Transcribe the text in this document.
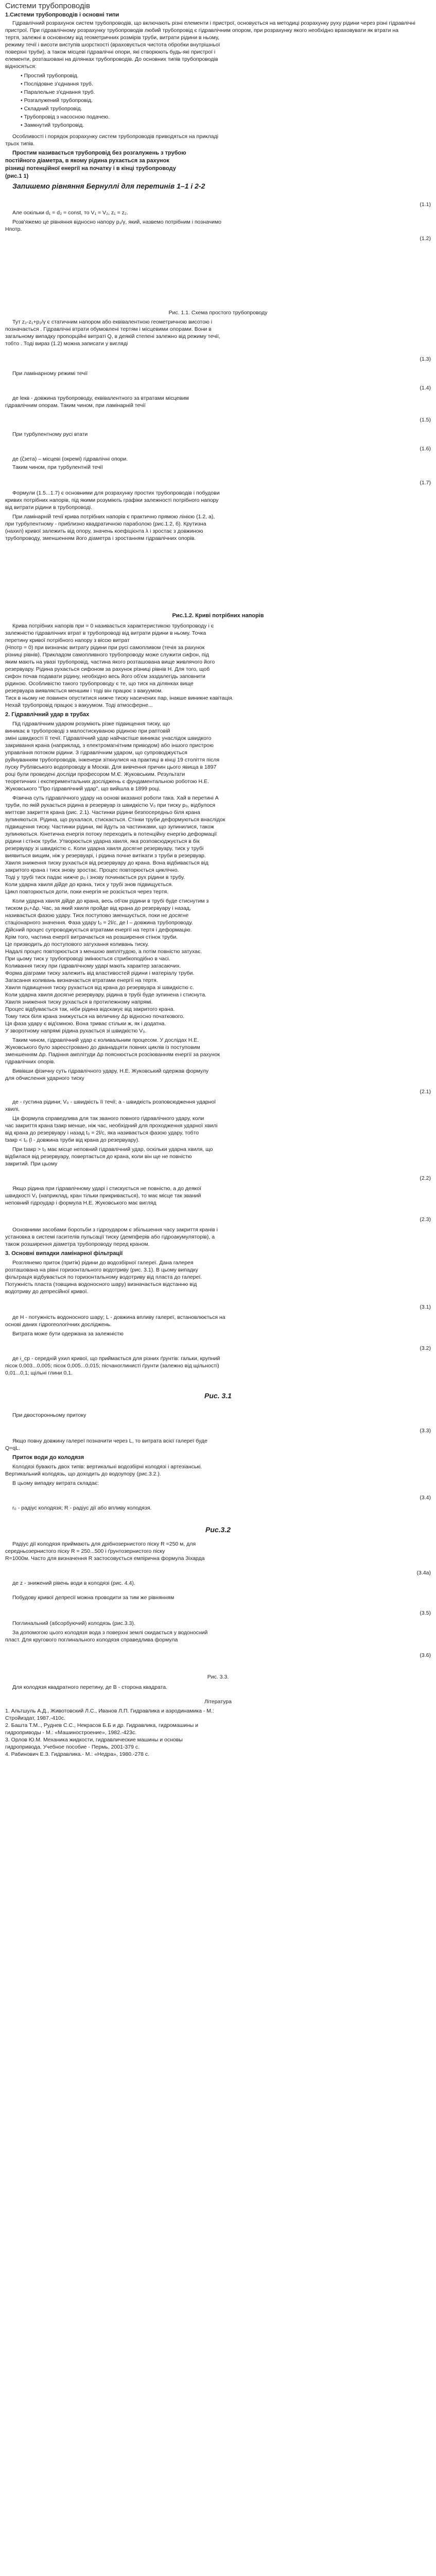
Системи трубопроводів
1.Системи трубопроводів і основні типи
Гідравлічний розрахунок систем трубопроводів, що включають різні елементи і пристрої, основується на методиці розрахунку руху рідини через різні гідравлічні
пристрої. При гідравлічному розрахунку трубопроводів любий трубопровід є гідравлічним опором, при розрахунку якого необхідно враховувати як втрати на
тертя, залежні в основному від геометричних розмірів труби, витрати рідини в ньому,
режиму течії і висоти виступів шорсткості (враховується чистота обробки внутрішньої
поверхні труби), а також місцеві гідравлічні опори, які створюють будь-які пристрої і
елементи, розташовані на ділянках трубопроводів. До основних типів трубопроводів
відносяться:
• Простий трубопровід.
• Послідовне з'єднання труб.
• Паралельне з'єднання труб.
• Розгалужений трубопровід.
• Складний трубопровід.
• Трубопровід з насосною подачею.
• Замкнутий трубопровід.
Особливості і порядок розрахунку систем трубопроводів приводяться на прикладі
трьох типів.
Простим називається трубопровід без розгалужень з трубою
постійного діаметра, в якому рідина рухається за рахунок
різниці потенційної енергії на початку і в кінці трубопроводу
(рис.1 1)
Запишемо рівняння Бернуллі для перетинів 1–1 і 2-2
(1.1)
Але оскільки d₁ = d₂ = const, то V₁ = V₂, z₁ = z₂.
Розв'яжемо це рівняння відносно напору p₁/γ, який, назвемо потрібним і позначимо
Hпотр.
(1.2)
Рис. 1.1. Схема простого трубопроводу
Тут z₂-z₁+p₂/γ є статичним напором або еквівалентною геометричною висотою і
позначається . Гідравлічні втрати обумовлені тертям і місцевими опорами. Вони в
загальному випадку пропорційні витраті Q, в деякій степені залежно від режиму течії,
тобто . Тоді вираз (1.2) можна записати у вигляді
(1.3)
При ламінарному режимі течії
(1.4)
де lекв - довжина трубопроводу, еквівалентного за втратами місцевим
гідравлічним опорам. Таким чином, при ламінарній течії
(1.5)
При турбулентному русі втати
(1.6)
де (ζзета) – місцеві (окремі) гідравлічні опори.
Таким чином, при турбулентній течії
(1.7)
Формули (1.5...1.7) є основними для розрахунку простих трубопроводів і побудови
кривих потрібних напорів, під якими розуміють графіки залежності потрібного напору
від витрати рідини в трубопроводі.
При ламінарній течії крива потрібних напорів є практично прямою лінією (1.2, а),
при турбулентному - приблизно квадратичною параболою (рис.1.2, б). Крутизна
(нахил) кривої залежить від опору, значень коефіцієнта λ і зростає з довжиною
трубопроводу, зменшенням його діаметра і зростанням гідравлічних опорів.
Рис.1.2. Криві потрібних напорів
Крива потрібних напорів при = 0 називається характеристикою трубопроводу і є
залежністю гідравлічних втрат в трубопроводі від витрати рідини в ньому. Точка
перетину кривої потрібного напору з віссю витрат
(Hпотр = 0) при визначає витрату рідини при русі самопливом (течія за рахунок
різниці рівнів). Прикладом самопливного трубопроводу може служити сифон, під
яким мають на увазі трубопровід, частина якого розташована вище живлячого його
резервуару. Рідина рухається сифоном за рахунок різниці рівнів H. Для того, щоб
сифон почав подавати рідину, необхідно весь його об'єм заздалегідь заповнити
рідиною. Особливістю такого трубопроводу є те, що тиск на ділянках вище
резервуара виявляється меншим і тоді він працює з вакуумом.
Тиск в ньому не повинен опуститися нижче тиску насичених пар, інакше виникне кавітація.
Нехай трубопровід працює з вакуумом. Тоді атмосферне...
2. Гідравлічний удар в трубах
Під гідравлічним ударом розуміють різке підвищення тиску, що
виникає в трубопроводі з малостискуваною рідиною при раптовій
зміні швидкості її течії. Гідравлічний удар найчастіше виникає унаслідок швидкого
закривання крана (наприклад, з електромагнітним приводом) або іншого пристрою
управління потоком рідини. З гідравлічним ударом, що супроводжується
руйнуванням трубопроводів, інженери зіткнулися на практиці в кінці 19 століття після
пуску Рублівського водопроводу в Москві. Для вивчення причин цього явища в 1897
році були проведені досліди професором М.Є. Жуковським. Результати
теоретичних і експериментальних досліджень є фундаментальною роботою Н.Е.
Жуковського "Про гідравлічний удар", що вийшла в 1899 році.
Фізична суть гідравлічного удару на основі вказаної роботи така. Хай в перетині A
труби, по якій рухається рідина в резервуар із швидкістю V₀ при тиску p₀, відбулося
миттєве закриття крана (рис. 2.1). Частинки рідини безпосередньо біля крана
зупиняються. Рідина, що рухалася, стискається. Стінки труби деформуються внаслідок
підвищення тиску. Частинки рідини, які йдуть за частинками, що зупинилися, також
зупиняються. Кінетична енергія потоку переходить в потенційну енергію деформації
рідини і стінок труби. Утворюється ударна хвиля, яка розповсюджується в бік
резервуару зі швидкістю c. Коли ударна хвиля досягне резервуару, тиск у трубі
виявиться вищим, ніж у резервуарі, і рідина почне витікати з труби в резервуар.
Хвиля зниження тиску рухається від резервуару до крана. Вона відбивається від
закритого крана і тиск знову зростає. Процес повторюється циклічно.
Тоді у трубі тиск падає нижче p₀ і знову починається рух рідини в трубу.
Коли ударна хвиля дійде до крана, тиск у трубі знов підвищується.
Цикл повторюється доти, поки енергія не розсіється через тертя.
Коли ударна хвиля дійде до крана, весь об'єм рідини в трубі буде стиснутим з
тиском p₀+Δp. Час, за який хвиля пройде від крана до резервуару і назад,
називається фазою удару. Тиск поступово зменшується, поки не досягне
стаціонарного значення. Фаза удару t₀ = 2l/c, де l – довжина трубопроводу.
Дійсний процес супроводжується втратами енергії на тертя і деформацію.
Крім того, частина енергії витрачається на розширення стінок труби.
Це призводить до поступового затухання коливань тиску.
Надалі процес повторюється з меншою амплітудою, а потім повністю затухає.
При цьому тиск у трубопроводі змінюється стрибкоподібно в часі.
Коливання тиску при гідравлічному ударі мають характер загасаючих.
Форма діаграми тиску залежить від властивостей рідини і матеріалу труби.
Загасання коливань визначається втратами енергії на тертя.
Хвиля підвищення тиску рухається від крана до резервуара зі швидкістю c.
Коли ударна хвиля досягне резервуару, рідина в трубі буде зупинена і стиснута.
Хвиля зниження тиску рухається в протилежному напрямі.
Процес відбувається так, ніби рідина відскакує від закритого крана.
Тому тиск біля крана знижується на величину Δp відносно початкового.
Ця фаза удару є від'ємною. Вона триває стільки ж, як і додатна.
У зворотному напрямі рідина рухається зі швидкістю V₀.
Таким чином, гідравлічний удар є коливальним процесом. У дослідах Н.Е.
Жуковського було зареєстровано до дванадцяти повних циклів із поступовим
зменшенням Δp. Падіння амплітуди Δp пояснюється розсіюванням енергії за рахунок
гідравлічних опорів.
Вивівши фізичну суть гідравлічного удару, Н.Е. Жуковський одержав формулу
для обчислення ударного тиску
(2.1)
де - густина рідини; V₀ - швидкість її течії; a - швидкість розповсюдження ударної
хвилі.
Ця формула справедлива для так званого повного гідравлічного удару, коли
час закриття крана tзакр менше, ніж час, необхідний для проходження ударної хвилі
від крана до резервуару і назад t₀ = 2l/c, яка називається фазою удару, тобто
tзакр < t₀ (l - довжина труби від крана до резервуару).
При tзакр > t₀ має місце неповний гідравлічний удар, оскільки ударна хвиля, що
відбилася від резервуару, повертається до крана, коли він ще не повністю
закритий. При цьому
(2.2)
Якщо рідина при гідравлічному ударі і стискується не повністю, а до деякої
швидкості V₁ (наприклад, кран тільки прикривається), то має місце так званий
неповний гідроудар і формула Н.Е. Жуковського має вигляд
(2.3)
Основними засобами боротьби з гідроударом є збільшення часу закриття кранів і
установка в системі гасителів пульсації тиску (демпферів або гідроакумуляторів), а
також розширення діаметра трубопроводу перед краном.
3. Основні випадки ламінарної фільтрації
Розглянемо приток (притік) рідини до водозбірної галереї. Дана галерея
розташована на рівні горизонтального водотриву (рис. 3.1). В цьому випадку
фільтрація відбувається по горизонтальному водотриву від пласта до галереї.
Потужність пласта (товщина водоносного шару) визначається відстанню від
водотриву до депресійної кривої.
(3.1)
де H - потужність водоносного шару; L - довжина впливу галереї, встановлюється на
основі даних гідрогеологічних досліджень.
Витрата може бути одержана за залежністю
(3.2)
де i_cр - середній ухил кривої, що приймається для різних ґрунтів: гальки, крупний
пісок 0,003...0,005; пісок 0,005...0,015; пісчаноглинисті ґрунти (залежно від щільності)
0,01...0,1; щільні глини 0,1.
Рис. 3.1
При двосторонньому притоку
(3.3)
Якщо повну довжину галереї позначити через L, то витрата всієї галереї буде
Q=qL.
Приток води до колодязя
Колодязі бувають двох типів: вертикальні водозбірні колодязі і артезіанські.
Вертикальний колодязь, що доходить до водоупору (рис.3.2.).
В цьому випадку витрата складає:
(3.4)
r₀ - радіус колодязя; R - радіус дії або впливу колодязя.
Рис.3.2
Радіус дії колодязя приймають для дрібнозернистого піску R =250 м, для
середньозернистого піску R = 250...500 і ґрунтозернистого піску
R=1000м. Часто для визначення R застосовується емпірична формула Зіхарда
(3.4а)
де z - знижений рівень води в колодязі (рис. 4.4).
Побудову кривої депресії можна проводити за тим же рівнянням
(3.5)
Поглинальний (абсорбуючий) колодязь (рис.3.3).
За допомогою цього колодязя вода з поверхні землі скидається у водоносний
пласт. Для кругового поглинального колодязя справедлива формула
(3.6)
Рис. 3.3.
Для колодязя квадратного перетину, де B - сторона квадрата.
Література
1. Альтшуль А.Д., Животовский Л.С., Иванов Л.П. Гидравлика и аэродинамика - М.:
Стройиздат, 1987.-410с.
2. Башта Т.М.., Руднев С.С., Некрасов Б.Б и др. Гидравлика, гидромашины и
гидроприводы - М.: «Машиностроение», 1982.-423с.
3. Орлов Ю.М. Механика жидкости, гидравлические машины и основы
гидропривода. Учебное пособие - Пермь, 2001-379 с.
4. Рабинович Е.З. Гидравлика.- М.: «Недра», 1980.-278 с.
